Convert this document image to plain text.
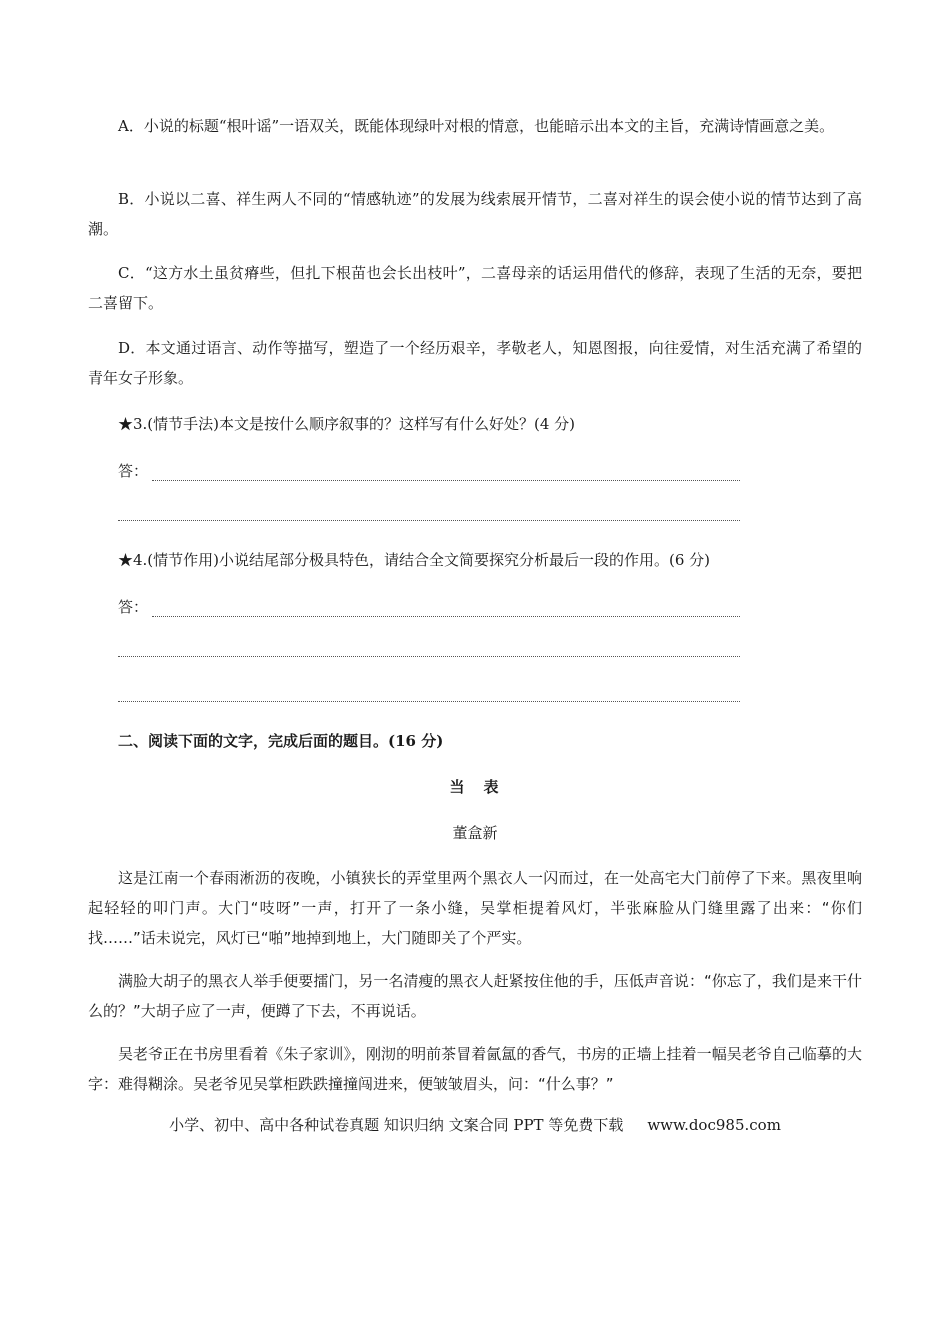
A．小说的标题“根叶谣”一语双关，既能体现绿叶对根的情意，也能暗示出本文的主旨，充满诗情画意之美。

B．小说以二喜、祥生两人不同的“情感轨迹”的发展为线索展开情节，二喜对祥生的误会使小说的情节达到了高潮。

C．“这方水土虽贫瘠些，但扎下根苗也会长出枝叶”，二喜母亲的话运用借代的修辞，表现了生活的无奈，要把二喜留下。

D．本文通过语言、动作等描写，塑造了一个经历艰辛，孝敬老人，知恩图报，向往爱情，对生活充满了希望的青年女子形象。

★3.(情节手法)本文是按什么顺序叙事的？这样写有什么好处？(4 分)

答：

★4.(情节作用)小说结尾部分极具特色，请结合全文简要探究分析最后一段的作用。(6 分)

答：

二、阅读下面的文字，完成后面的题目。(16 分)

当　表
董盒新

这是江南一个春雨淅沥的夜晚，小镇狭长的弄堂里两个黑衣人一闪而过，在一处高宅大门前停了下来。黑夜里响起轻轻的叩门声。大门“吱呀”一声，打开了一条小缝，吴掌柜提着风灯，半张麻脸从门缝里露了出来：“你们找……”话未说完，风灯已“啪”地掉到地上，大门随即关了个严实。

满脸大胡子的黑衣人举手便要擂门，另一名清瘦的黑衣人赶紧按住他的手，压低声音说：“你忘了，我们是来干什么的？”大胡子应了一声，便蹲了下去，不再说话。

吴老爷正在书房里看着《朱子家训》，刚沏的明前茶冒着氤氲的香气，书房的正墙上挂着一幅吴老爷自己临摹的大字：难得糊涂。吴老爷见吴掌柜跌跌撞撞闯进来，便皱皱眉头，问：“什么事？”

小学、初中、高中各种试卷真题 知识归纳 文案合同 PPT 等免费下载 www.doc985.com
